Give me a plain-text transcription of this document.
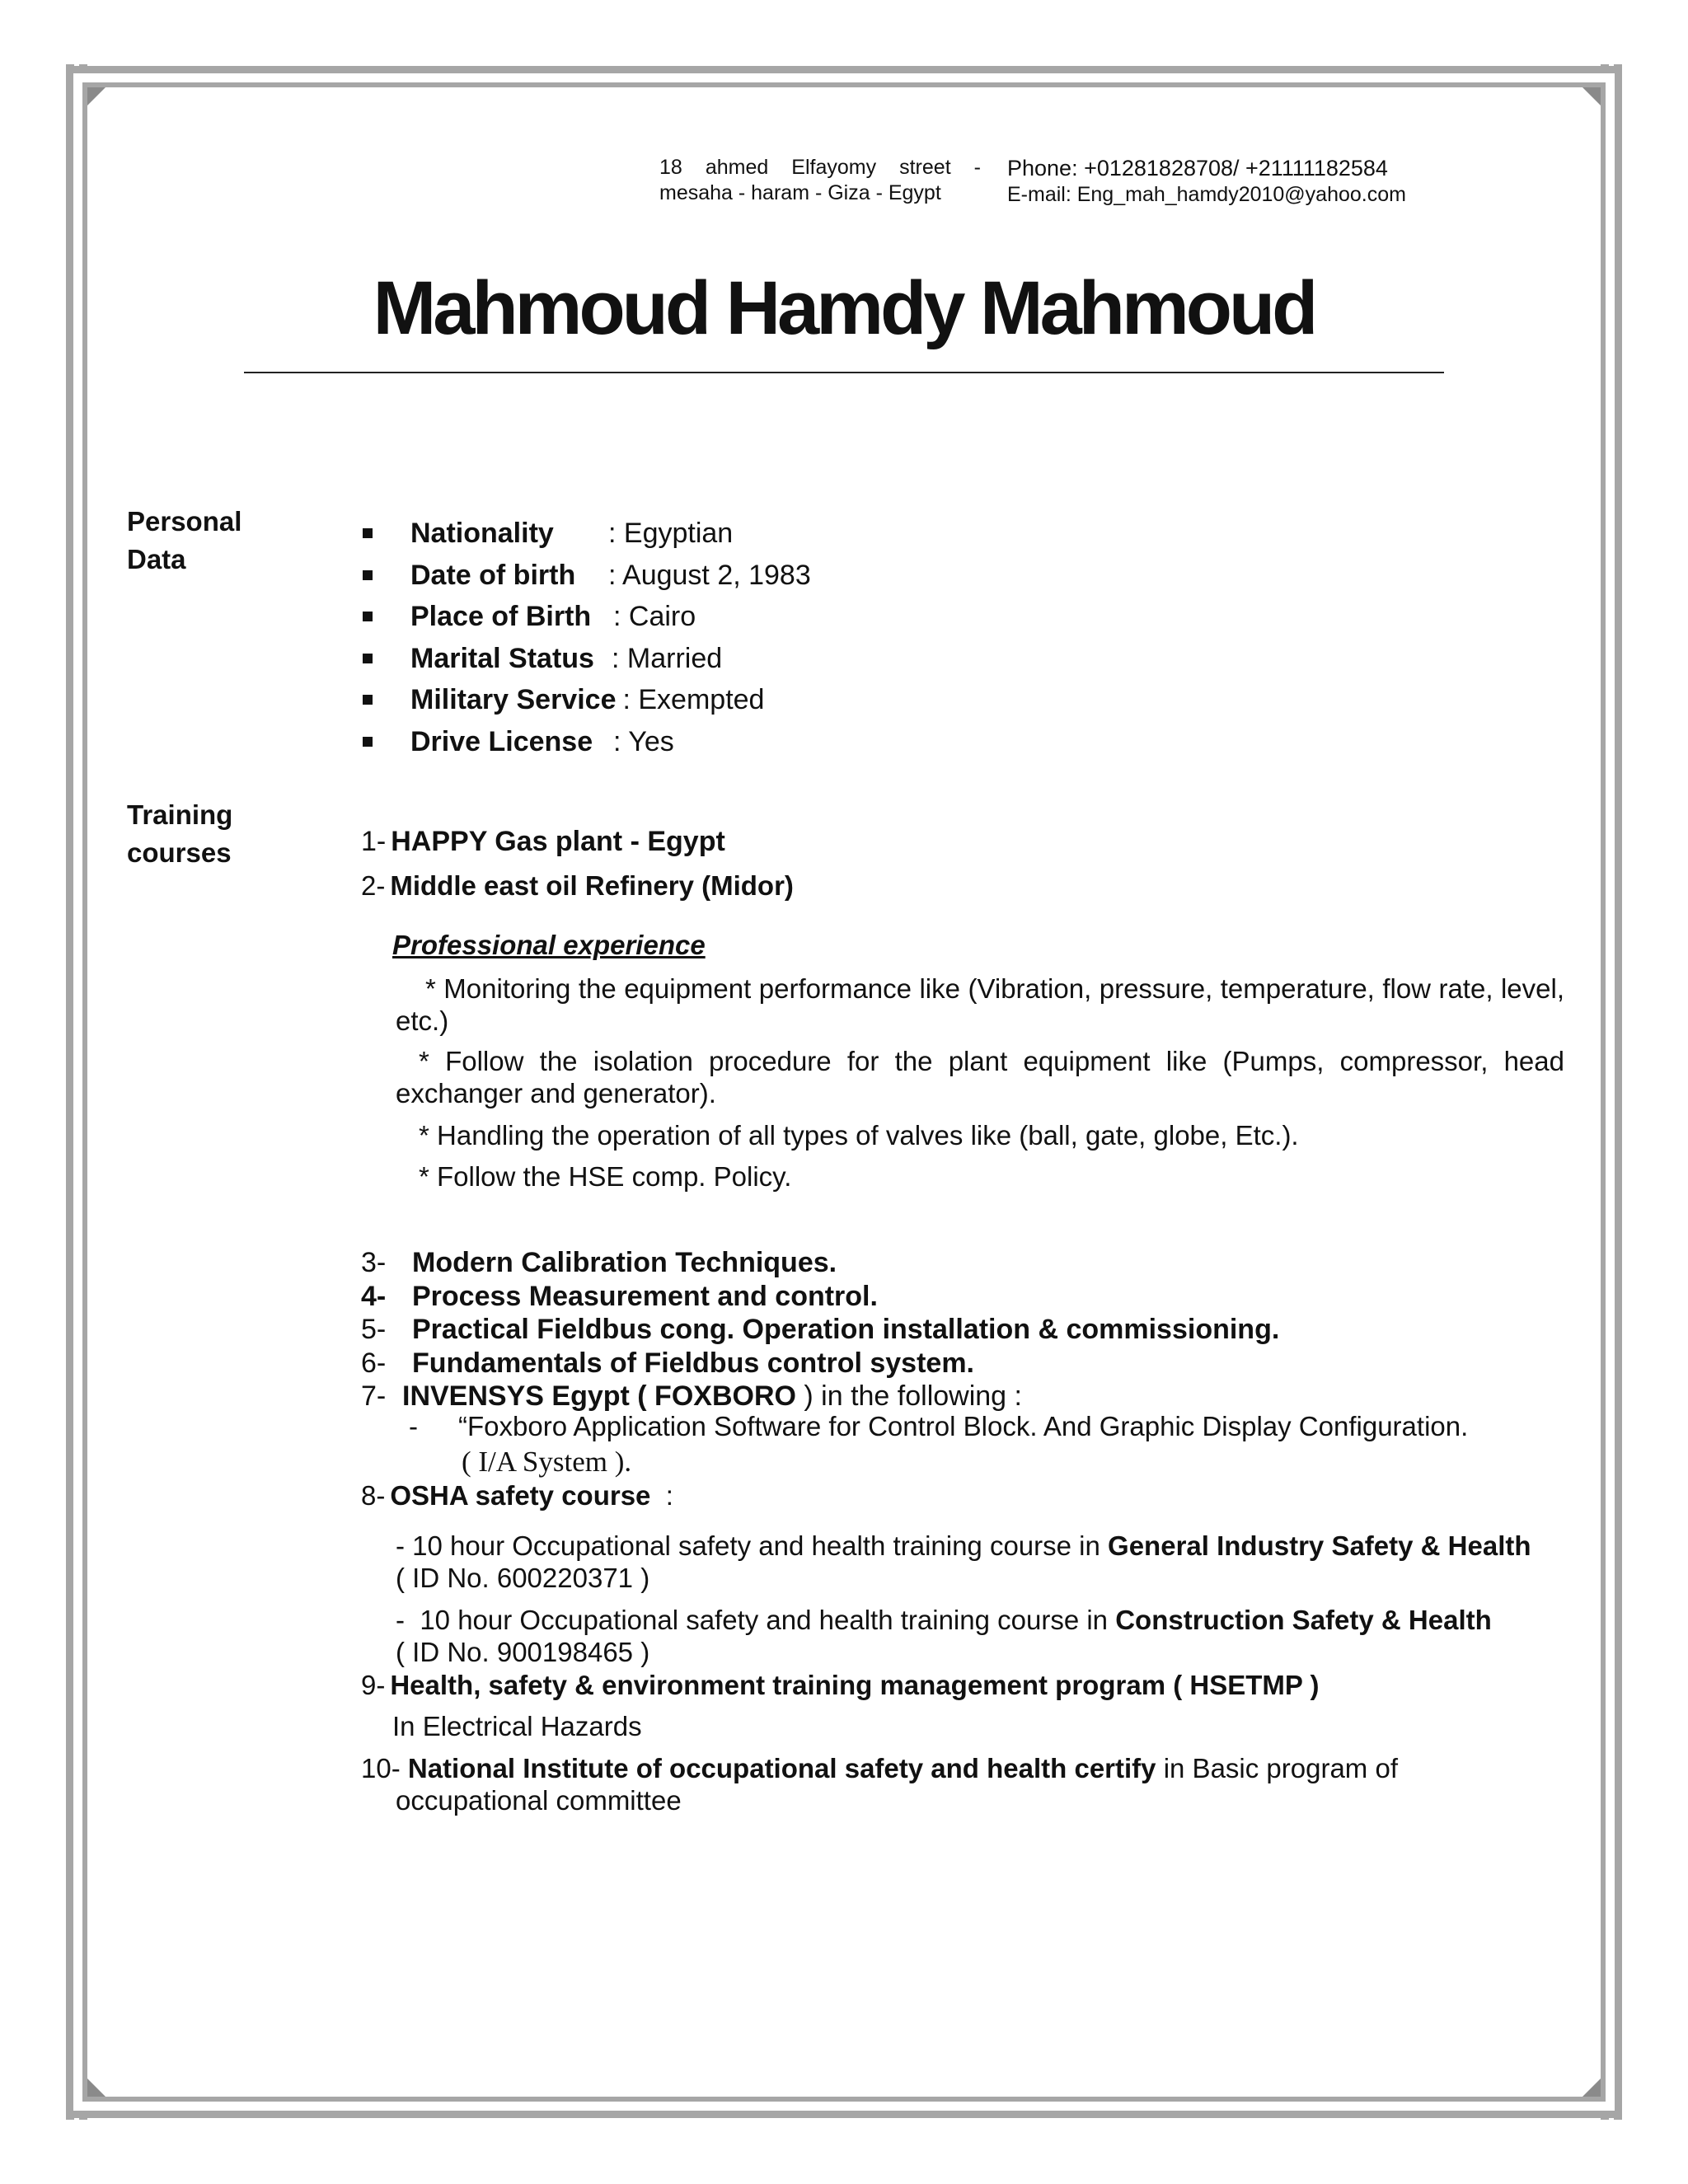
18 ahmed Elfayomy street -
mesaha - haram - Giza - Egypt
Phone: +01281828708/ +21111182584
E-mail: Eng_mah_hamdy2010@yahoo.com
Mahmoud Hamdy Mahmoud
Personal
Data
Nationality	: Egyptian
Date of birth	: August 2, 1983
Place of Birth : Cairo
Marital Status : Married
Military Service : Exempted
Drive License : Yes
Training
courses	1- HAPPY Gas plant - Egypt
2- Middle east oil Refinery (Midor)
Professional experience
* Monitoring the equipment performance like (Vibration, pressure, temperature, flow rate, level, etc.)
* Follow the isolation procedure for the plant equipment like (Pumps, compressor, head exchanger and generator).
* Handling the operation of all types of valves like (ball, gate, globe, Etc.).
* Follow the HSE comp. Policy.
3- Modern Calibration Techniques.
4- Process Measurement and control.
5- Practical Fieldbus cong. Operation installation & commissioning.
6- Fundamentals of Fieldbus control system.
7- INVENSYS Egypt ( FOXBORO ) in the following :
- “Foxboro Application Software for Control Block. And Graphic Display Configuration.
( I/A System ).
8- OSHA safety course  :
- 10 hour Occupational safety and health training course in General Industry Safety & Health
( ID No. 600220371 )
-  10 hour Occupational safety and health training course in Construction Safety & Health
( ID No. 900198465 )
9- Health, safety & environment training management program ( HSETMP )
In Electrical Hazards
10- National Institute of occupational safety and health certify in Basic program of
occupational committee
